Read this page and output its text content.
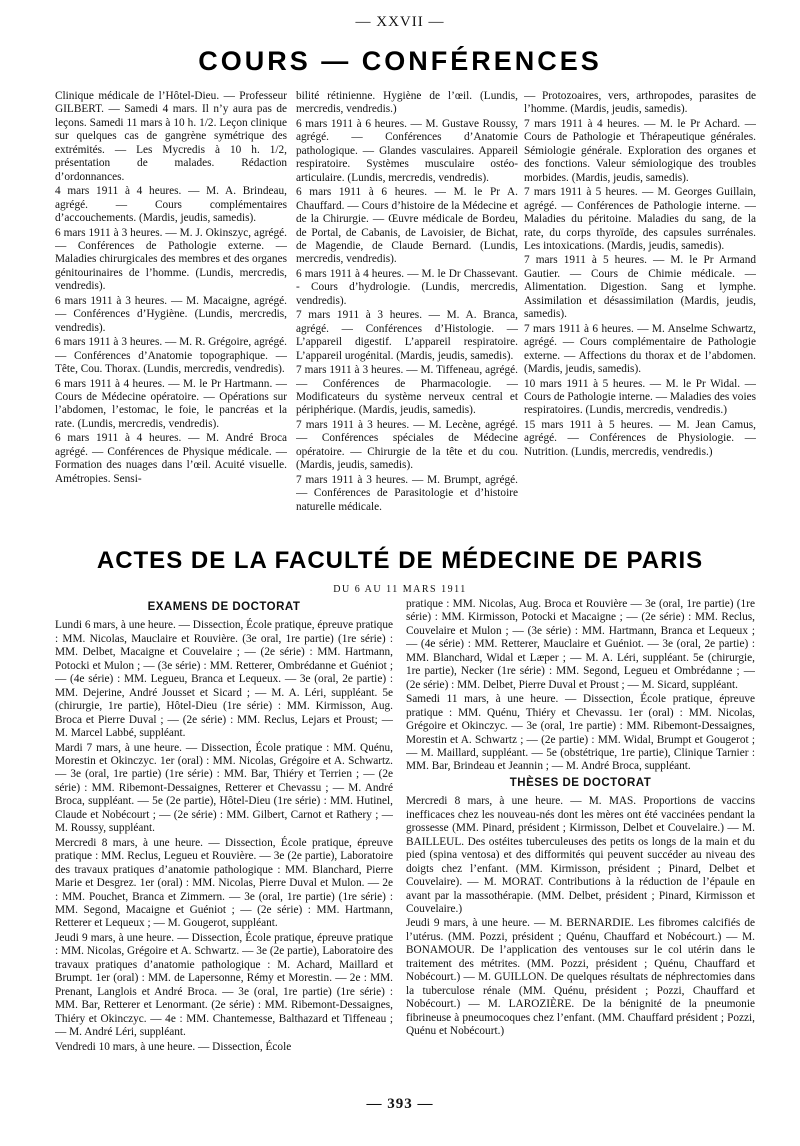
— XXVII —
COURS — CONFÉRENCES

Clinique médicale de l’Hôtel-Dieu. — Professeur GILBERT. — Samedi 4 mars. Il n’y aura pas de leçons. Samedi 11 mars à 10 h. 1/2. Leçon clinique sur quelques cas de gangrène symétrique des extrémités. — Les Mycredis à 10 h. 1/2, présentation de malades. Rédaction d’ordonnances.

4 mars 1911 à 4 heures. — M. A. Brindeau, agrégé. — Cours complémentaires d’accouchements. (Mardis, jeudis, samedis).

6 mars 1911 à 3 heures. — M. J. Okinszyc, agrégé. — Conférences de Pathologie externe. — Maladies chirurgicales des membres et des organes génitourinaires de l’homme. (Lundis, mercredis, vendredis).

6 mars 1911 à 3 heures. — M. Macaigne, agrégé. — Conférences d’Hygiène. (Lundis, mercredis, vendredis).

6 mars 1911 à 3 heures. — M. R. Grégoire, agrégé. — Conférences d’Anatomie topographique. — Tête, Cou. Thorax. (Lundis, mercredis, vendredis).

6 mars 1911 à 4 heures. — M. le Pr Hartmann. — Cours de Médecine opératoire. — Opérations sur l’abdomen, l’estomac, le foie, le pancréas et la rate. (Lundis, mercredis, vendredis).

6 mars 1911 à 4 heures. — M. André Broca agrégé. — Conférences de Physique médicale. — Formation des nuages dans l’œil. Acuité visuelle. Amétropies. Sensi-

bilité rétinienne. Hygiène de l’œil. (Lundis, mercredis, vendredis.)

6 mars 1911 à 6 heures. — M. Gustave Roussy, agrégé. — Conférences d’Anatomie pathologique. — Glandes vasculaires. Appareil respiratoire. Systèmes musculaire ostéo-articulaire. (Lundis, mercredis, vendredis).

6 mars 1911 à 6 heures. — M. le Pr A. Chauffard. — Cours d’histoire de la Médecine et de la Chirurgie. — Œuvre médicale de Bordeu, de Portal, de Cabanis, de Lavoisier, de Bichat, de Magendie, de Claude Bernard. (Lundis, mercredis, vendredis).

6 mars 1911 à 4 heures. — M. le Dr Chassevant. - Cours d’hydrologie. (Lundis, mercredis, vendredis).

7 mars 1911 à 3 heures. — M. A. Branca, agrégé. — Conférences d’Histologie. — L’appareil digestif. L’appareil respiratoire. L’appareil urogénital. (Mardis, jeudis, samedis).

7 mars 1911 à 3 heures. — M. Tiffeneau, agrégé. — Conférences de Pharmacologie. — Modificateurs du système nerveux central et périphérique. (Mardis, jeudis, samedis).

7 mars 1911 à 3 heures. — M. Lecène, agrégé. — Conférences spéciales de Médecine opératoire. — Chirurgie de la tête et du cou. (Mardis, jeudis, samedis).

7 mars 1911 à 3 heures. — M. Brumpt, agrégé. — Conférences de Parasitologie et d’histoire naturelle médicale.

— Protozoaires, vers, arthropodes, parasites de l’homme. (Mardis, jeudis, samedis).

7 mars 1911 à 4 heures. — M. le Pr Achard. — Cours de Pathologie et Thérapeutique générales. Sémiologie générale. Exploration des organes et des fonctions. Valeur sémiologique des troubles morbides. (Mardis, jeudis, samedis).

7 mars 1911 à 5 heures. — M. Georges Guillain, agrégé. — Conférences de Pathologie interne. — Maladies du péritoine. Maladies du sang, de la rate, du corps thyroïde, des capsules surrénales. Les intoxications. (Mardis, jeudis, samedis).

7 mars 1911 à 5 heures. — M. le Pr Armand Gautier. — Cours de Chimie médicale. — Alimentation. Digestion. Sang et lymphe. Assimilation et désassimilation (Mardis, jeudis, samedis).

7 mars 1911 à 6 heures. — M. Anselme Schwartz, agrégé. — Cours complémentaire de Pathologie externe. — Affections du thorax et de l’abdomen. (Mardis, jeudis, samedis).

10 mars 1911 à 5 heures. — M. le Pr Widal. — Cours de Pathologie interne. — Maladies des voies respiratoires. (Lundis, mercredis, vendredis.)

15 mars 1911 à 5 heures. — M. Jean Camus, agrégé. — Conférences de Physiologie. — Nutrition. (Lundis, mercredis, vendredis.)

ACTES DE LA FACULTÉ DE MÉDECINE DE PARIS
DU 6 AU 11 MARS 1911

EXAMENS DE DOCTORAT

Lundi 6 mars, à une heure. — Dissection, École pratique, épreuve pratique : MM. Nicolas, Mauclaire et Rouvière. (3e oral, 1re partie) (1re série) : MM. Delbet, Macaigne et Couvelaire ; — (2e série) : MM. Hartmann, Potocki et Mulon ; — (3e série) : MM. Retterer, Ombrédanne et Guéniot ; — (4e série) : MM. Legueu, Branca et Lequeux. — 3e (oral, 2e partie) : MM. Dejerine, André Jousset et Sicard ; — M. A. Léri, suppléant. 5e (chirurgie, 1re partie), Hôtel-Dieu (1re série) : MM. Kirmisson, Aug. Broca et Pierre Duval ; — (2e série) : MM. Reclus, Lejars et Proust; — M. Marcel Labbé, suppléant.

Mardi 7 mars, à une heure. — Dissection, École pratique : MM. Quénu, Morestin et Okinczyc. 1er (oral) : MM. Nicolas, Grégoire et A. Schwartz. — 3e (oral, 1re partie) (1re série) : MM. Bar, Thiéry et Terrien ; — (2e série) : MM. Ribemont-Dessaignes, Retterer et Chevassu ; — M. André Broca, suppléant. — 5e (2e partie), Hôtel-Dieu (1re série) : MM. Hutinel, Claude et Nobécourt ; — (2e série) : MM. Gilbert, Carnot et Rathery ; — M. Roussy, suppléant.

Mercredi 8 mars, à une heure. — Dissection, École pratique, épreuve pratique : MM. Reclus, Legueu et Rouvière. — 3e (2e partie), Laboratoire des travaux pratiques d’anatomie pathologique : MM. Blanchard, Pierre Marie et Desgrez. 1er (oral) : MM. Nicolas, Pierre Duval et Mulon. — 2e : MM. Pouchet, Branca et Zimmern. — 3e (oral, 1re partie) (1re série) : MM. Segond, Macaigne et Guéniot ; — (2e série) : MM. Hartmann, Retterer et Lequeux ; — M. Gougerot, suppléant.

Jeudi 9 mars, à une heure. — Dissection, École pratique, épreuve pratique : MM. Nicolas, Grégoire et A. Schwartz. — 3e (2e partie), Laboratoire des travaux pratiques d’anatomie pathologique : M. Achard, Maillard et Brumpt. 1er (oral) : MM. de Lapersonne, Rémy et Morestin. — 2e : MM. Prenant, Langlois et André Broca. — 3e (oral, 1re partie) (1re série) : MM. Bar, Retterer et Lenormant. (2e série) : MM. Ribemont-Dessaignes, Thiéry et Okinczyc. — 4e : MM. Chantemesse, Balthazard et Tiffeneau ; — M. André Léri, suppléant.

Vendredi 10 mars, à une heure. — Dissection, École

pratique : MM. Nicolas, Aug. Broca et Rouvière — 3e (oral, 1re partie) (1re série) : MM. Kirmisson, Potocki et Macaigne ; — (2e série) : MM. Reclus, Couvelaire et Mulon ; — (3e série) : MM. Hartmann, Branca et Lequeux ; — (4e série) : MM. Retterer, Mauclaire et Guéniot. — 3e (oral, 2e partie) : MM. Blanchard, Widal et Læper ; — M. A. Léri, suppléant. 5e (chirurgie, 1re partie), Necker (1re série) : MM. Segond, Legueu et Ombrédanne ; — (2e série) : MM. Delbet, Pierre Duval et Proust ; — M. Sicard, suppléant.

Samedi 11 mars, à une heure. — Dissection, École pratique, épreuve pratique : MM. Quénu, Thiéry et Chevassu. 1er (oral) : MM. Nicolas, Grégoire et Okinczyc. — 3e (oral, 1re partie) : MM. Ribemont-Dessaignes, Morestin et A. Schwartz ; — (2e partie) : MM. Widal, Brumpt et Gougerot ; — M. Maillard, suppléant. — 5e (obstétrique, 1re partie), Clinique Tarnier : MM. Bar, Brindeau et Jeannin ; — M. André Broca, suppléant.

THÈSES DE DOCTORAT

Mercredi 8 mars, à une heure. — M. MAS. Proportions de vaccins inefficaces chez les nouveau-nés dont les mères ont été vaccinées pendant la grossesse (MM. Pinard, président ; Kirmisson, Delbet et Couvelaire.) — M. BAILLEUL. Des ostéites tuberculeuses des petits os longs de la main et du pied (spina ventosa) et des difformités qui peuvent succéder au niveau des doigts chez l’enfant. (MM. Kirmisson, président ; Pinard, Delbet et Couvelaire). — M. MORAT. Contributions à la réduction de l’épaule en avant par la massothérapie. (MM. Delbet, président ; Pinard, Kirmisson et Couvelaire.)

Jeudi 9 mars, à une heure. — M. BERNARDIE. Les fibromes calcifiés de l’utérus. (MM. Pozzi, président ; Quénu, Chauffard et Nobécourt.) — M. BONAMOUR. De l’application des ventouses sur le col utérin dans le traitement des métrites. (MM. Pozzi, président ; Quénu, Chauffard et Nobécourt.) — M. GUILLON. De quelques résultats de néphrectomies dans la tuberculose rénale (MM. Quénu, président ; Pozzi, Chauffard et Nobécourt.) — M. LAROZIÈRE. De la bénignité de la pneumonie fibrineuse à pneumocoques chez l’enfant. (MM. Chauffard président ; Pozzi, Quénu et Nobécourt.)

— 393 —
